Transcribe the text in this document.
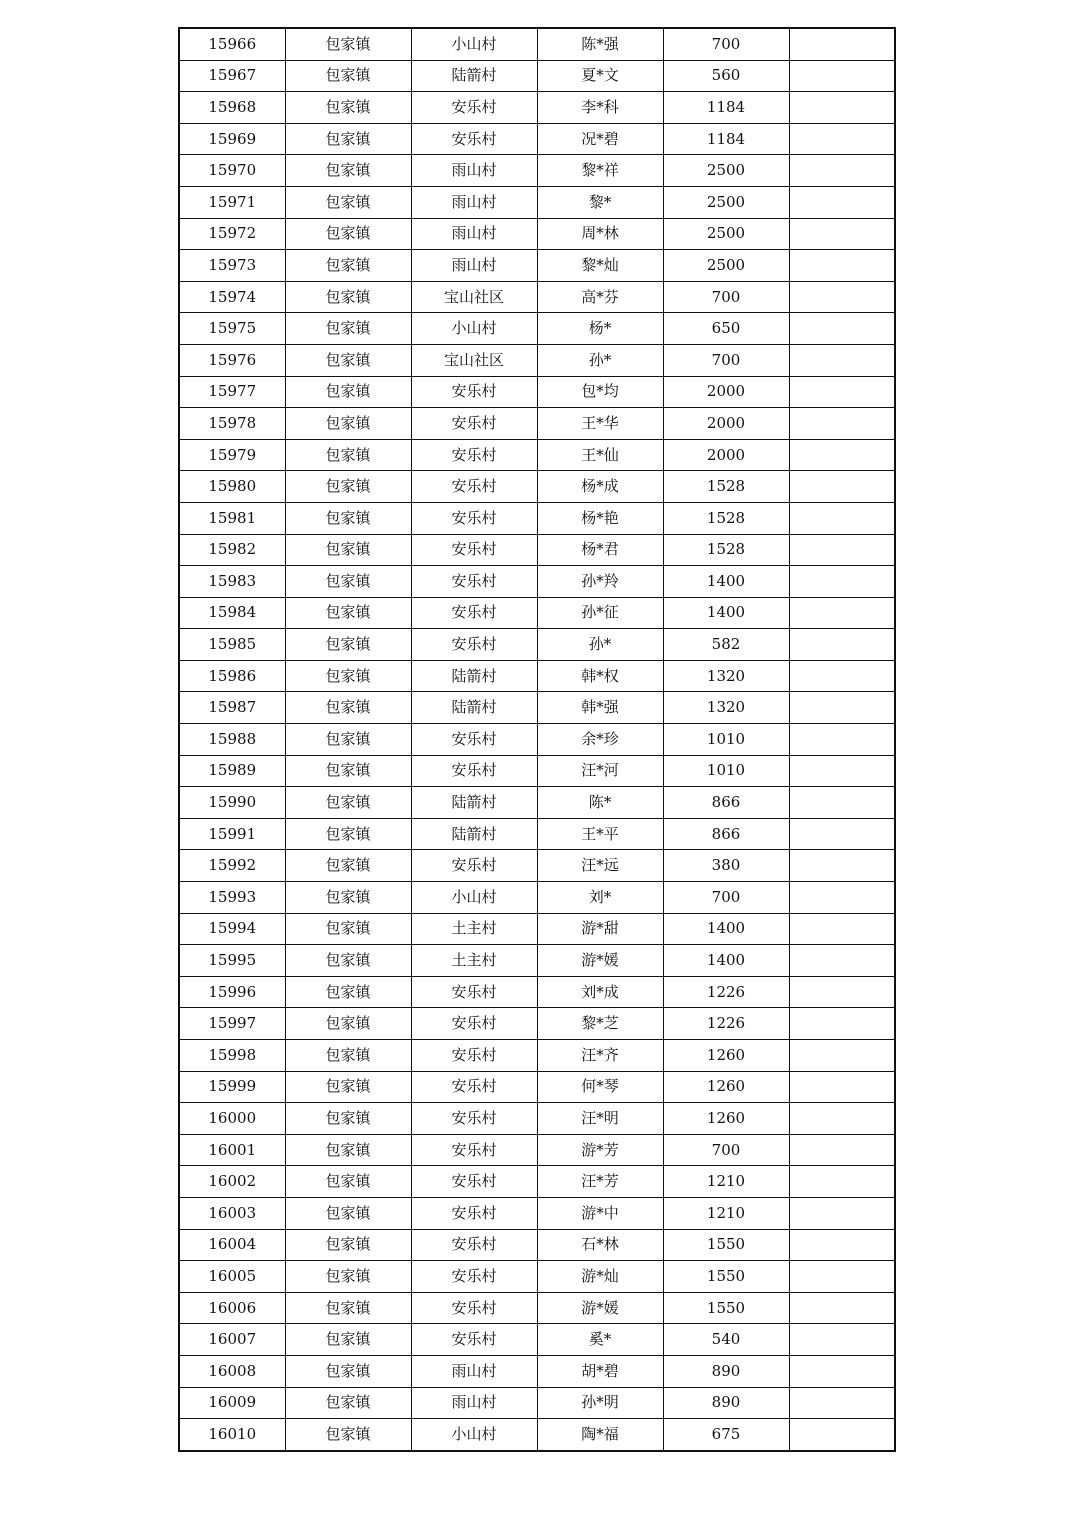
15966	包家镇	小山村	陈*强	700	
15967	包家镇	陆箭村	夏*文	560	
15968	包家镇	安乐村	李*科	1184	
15969	包家镇	安乐村	况*碧	1184	
15970	包家镇	雨山村	黎*祥	2500	
15971	包家镇	雨山村	黎*	2500	
15972	包家镇	雨山村	周*林	2500	
15973	包家镇	雨山村	黎*灿	2500	
15974	包家镇	宝山社区	高*芬	700	
15975	包家镇	小山村	杨*	650	
15976	包家镇	宝山社区	孙*	700	
15977	包家镇	安乐村	包*均	2000	
15978	包家镇	安乐村	王*华	2000	
15979	包家镇	安乐村	王*仙	2000	
15980	包家镇	安乐村	杨*成	1528	
15981	包家镇	安乐村	杨*艳	1528	
15982	包家镇	安乐村	杨*君	1528	
15983	包家镇	安乐村	孙*羚	1400	
15984	包家镇	安乐村	孙*征	1400	
15985	包家镇	安乐村	孙*	582	
15986	包家镇	陆箭村	韩*权	1320	
15987	包家镇	陆箭村	韩*强	1320	
15988	包家镇	安乐村	余*珍	1010	
15989	包家镇	安乐村	汪*河	1010	
15990	包家镇	陆箭村	陈*	866	
15991	包家镇	陆箭村	王*平	866	
15992	包家镇	安乐村	汪*远	380	
15993	包家镇	小山村	刘*	700	
15994	包家镇	土主村	游*甜	1400	
15995	包家镇	土主村	游*媛	1400	
15996	包家镇	安乐村	刘*成	1226	
15997	包家镇	安乐村	黎*芝	1226	
15998	包家镇	安乐村	汪*齐	1260	
15999	包家镇	安乐村	何*琴	1260	
16000	包家镇	安乐村	汪*明	1260	
16001	包家镇	安乐村	游*芳	700	
16002	包家镇	安乐村	汪*芳	1210	
16003	包家镇	安乐村	游*中	1210	
16004	包家镇	安乐村	石*林	1550	
16005	包家镇	安乐村	游*灿	1550	
16006	包家镇	安乐村	游*媛	1550	
16007	包家镇	安乐村	奚*	540	
16008	包家镇	雨山村	胡*碧	890	
16009	包家镇	雨山村	孙*明	890	
16010	包家镇	小山村	陶*福	675	
